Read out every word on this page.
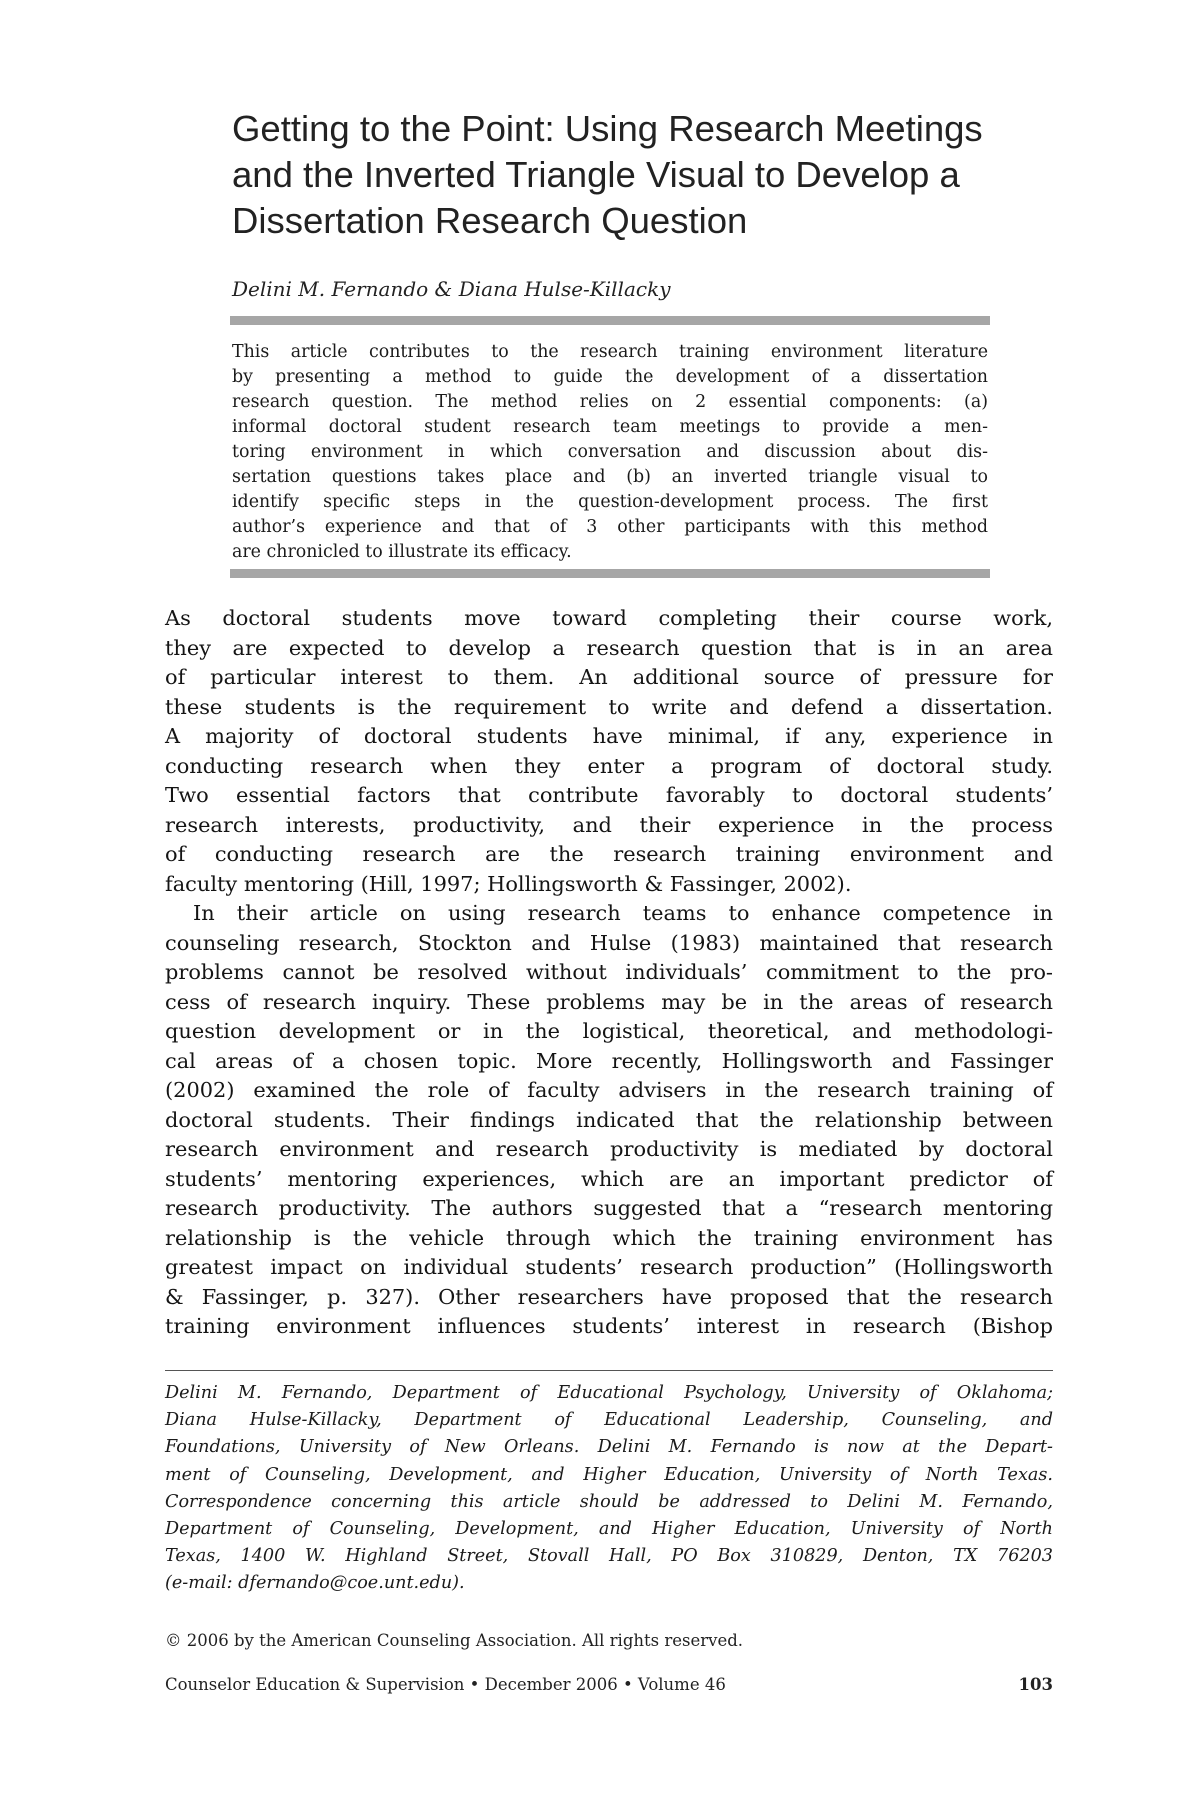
Getting to the Point: Using Research Meetings
and the Inverted Triangle Visual to Develop a
Dissertation Research Question
Delini M. Fernando & Diana Hulse-Killacky
This article contributes to the research training environment literature
by presenting a method to guide the development of a dissertation
research question. The method relies on 2 essential components: (a)
informal doctoral student research team meetings to provide a men-
toring environment in which conversation and discussion about dis-
sertation questions takes place and (b) an inverted triangle visual to
identify specific steps in the question-development process. The first
author’s experience and that of 3 other participants with this method
are chronicled to illustrate its efficacy.
As doctoral students move toward completing their course work,
they are expected to develop a research question that is in an area
of particular interest to them. An additional source of pressure for
these students is the requirement to write and defend a dissertation.
A majority of doctoral students have minimal, if any, experience in
conducting research when they enter a program of doctoral study.
Two essential factors that contribute favorably to doctoral students’
research interests, productivity, and their experience in the process
of conducting research are the research training environment and
faculty mentoring (Hill, 1997; Hollingsworth & Fassinger, 2002).
In their article on using research teams to enhance competence in
counseling research, Stockton and Hulse (1983) maintained that research
problems cannot be resolved without individuals’ commitment to the pro-
cess of research inquiry. These problems may be in the areas of research
question development or in the logistical, theoretical, and methodologi-
cal areas of a chosen topic. More recently, Hollingsworth and Fassinger
(2002) examined the role of faculty advisers in the research training of
doctoral students. Their findings indicated that the relationship between
research environment and research productivity is mediated by doctoral
students’ mentoring experiences, which are an important predictor of
research productivity. The authors suggested that a “research mentoring
relationship is the vehicle through which the training environment has
greatest impact on individual students’ research production” (Hollingsworth
& Fassinger, p. 327). Other researchers have proposed that the research
training environment influences students’ interest in research (Bishop
Delini M. Fernando, Department of Educational Psychology, University of Oklahoma;
Diana Hulse-Killacky, Department of Educational Leadership, Counseling, and
Foundations, University of New Orleans. Delini M. Fernando is now at the Depart-
ment of Counseling, Development, and Higher Education, University of North Texas.
Correspondence concerning this article should be addressed to Delini M. Fernando,
Department of Counseling, Development, and Higher Education, University of North
Texas, 1400 W. Highland Street, Stovall Hall, PO Box 310829, Denton, TX 76203
(e-mail: dfernando@coe.unt.edu).
© 2006 by the American Counseling Association. All rights reserved.
Counselor Education & Supervision • December 2006 • Volume 46	103
